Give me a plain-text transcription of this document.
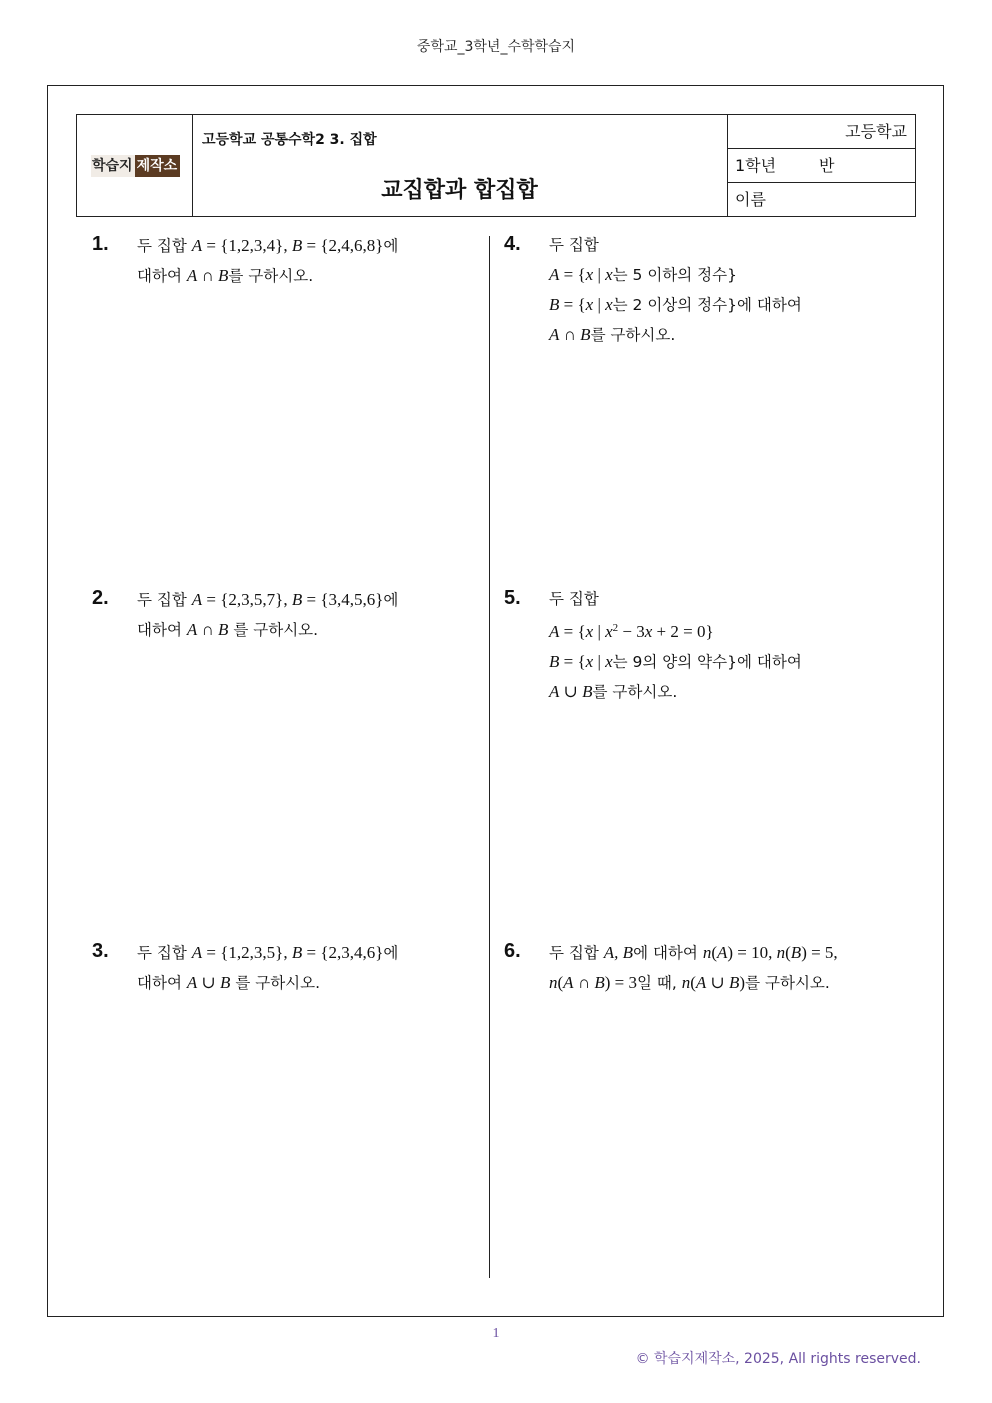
중학교_3학년_수학학습지
학습지 제작소
고등학교 공통수학2 3. 집합
교집합과 합집합
고등학교
1학년	반
이름
1. 두 집합 A = {1,2,3,4}, B = {2,4,6,8}에
대하여 A ∩ B를 구하시오.
2. 두 집합 A = {2,3,5,7}, B = {3,4,5,6}에
대하여 A ∩ B 를 구하시오.
3. 두 집합 A = {1,2,3,5}, B = {2,3,4,6}에
대하여 A ∪ B 를 구하시오.
4. 두 집합
A = {x | x는 5 이하의 정수}
B = {x | x는 2 이상의 정수}에 대하여
A ∩ B를 구하시오.
5. 두 집합
A = {x | $x^2 - 3x + 2 = 0$}
B = {x | x는 9의 양의 약수}에 대하여
A ∪ B를 구하시오.
6. 두 집합 A, B에 대하여 n(A) = 10, n(B) = 5,
n(A ∩ B) = 3일 때, n(A ∪ B)를 구하시오.
1
© 학습지제작소, 2025, All rights reserved.
